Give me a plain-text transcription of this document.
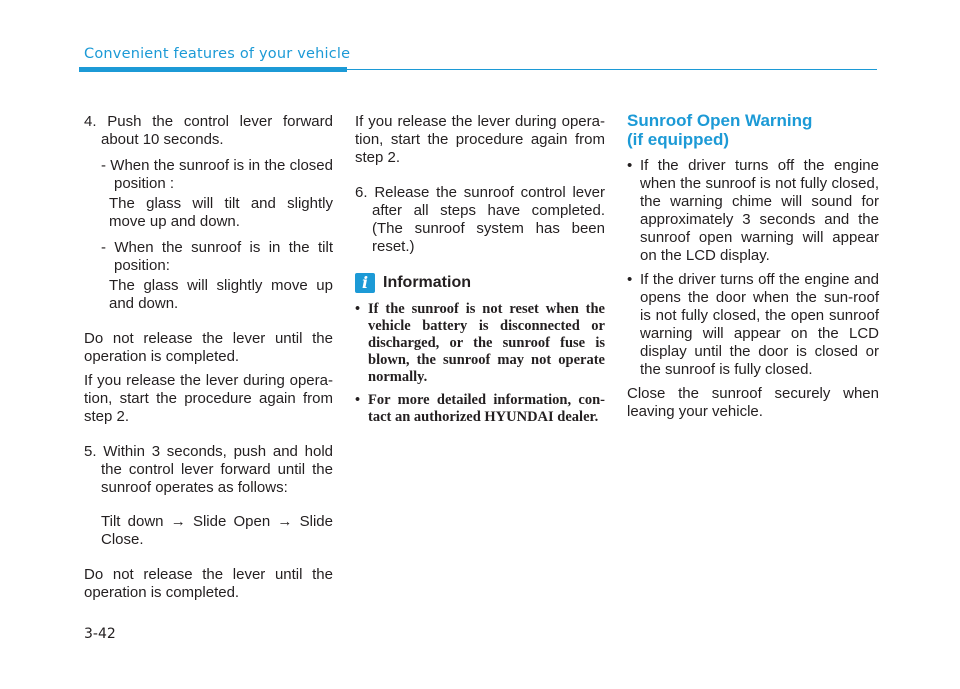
Convenient features of your vehicle

4. Push the control lever forward about 10 seconds.

- When the sunroof is in the closed position :

The glass will tilt and slightly move up and down.

- When the sunroof is in the tilt position:

The glass will slightly move up and down.

Do not release the lever until the operation is completed.

If you release the lever during opera-tion, start the procedure again from step 2.

5. Within 3 seconds, push and hold the control lever forward until the sunroof operates as follows:

Tilt down → Slide Open → Slide Close.

Do not release the lever until the operation is completed.

If you release the lever during opera-tion, start the procedure again from step 2.

6. Release the sunroof control lever after all steps have completed. (The sunroof system has been reset.)

i Information
• If the sunroof is not reset when the vehicle battery is disconnected or discharged, or the sunroof fuse is blown, the sunroof may not operate normally.
• For more detailed information, con-tact an authorized HYUNDAI dealer.

Sunroof Open Warning
(if equipped)

• If the driver turns off the engine when the sunroof is not fully closed, the warning chime will sound for approximately 3 seconds and the sunroof open warning will appear on the LCD display.
• If the driver turns off the engine and opens the door when the sun-roof is not fully closed, the open sunroof warning will appear on the LCD display until the door is closed or the sunroof is fully closed.

Close the sunroof securely when leaving your vehicle.

3-42
